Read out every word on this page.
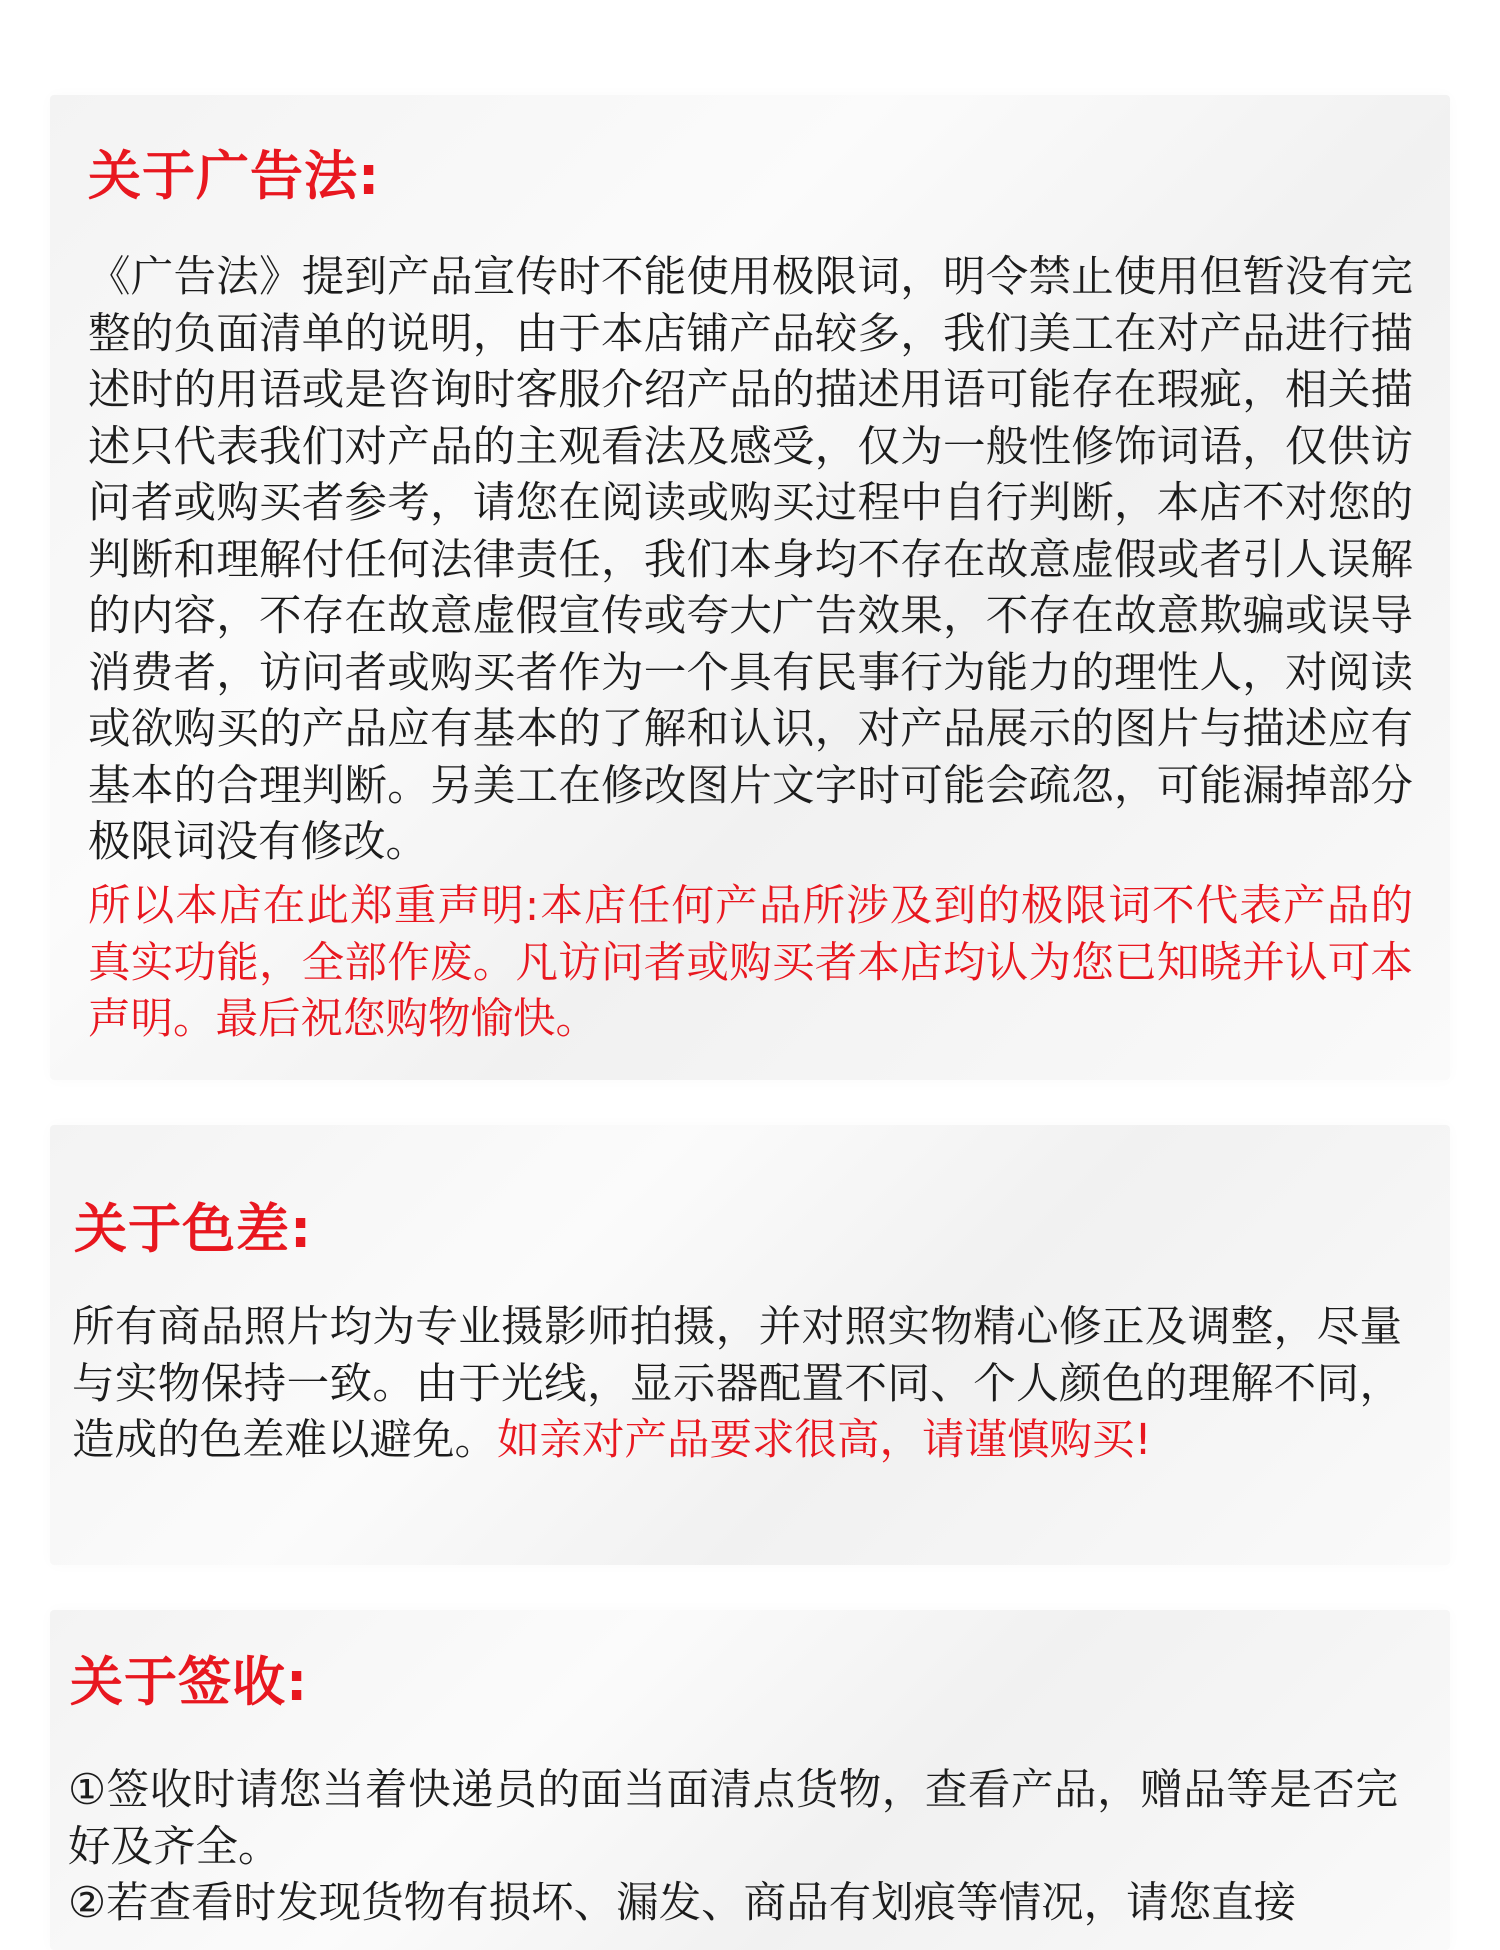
关于广告法:

《广告法》提到产品宣传时不能使用极限词，明令禁止使用但暂没有完整的负面清单的说明，由于本店铺产品较多，我们美工在对产品进行描述时的用语或是咨询时客服介绍产品的描述用语可能存在瑕疵，相关描述只代表我们对产品的主观看法及感受，仅为一般性修饰词语，仅供访问者或购买者参考，请您在阅读或购买过程中自行判断，本店不对您的判断和理解付任何法律责任，我们本身均不存在故意虚假或者引人误解的内容，不存在故意虚假宣传或夸大广告效果，不存在故意欺骗或误导消费者，访问者或购买者作为一个具有民事行为能力的理性人，对阅读或欲购买的产品应有基本的了解和认识，对产品展示的图片与描述应有基本的合理判断。另美工在修改图片文字时可能会疏忽，可能漏掉部分极限词没有修改。

所以本店在此郑重声明:本店任何产品所涉及到的极限词不代表产品的真实功能，全部作废。凡访问者或购买者本店均认为您已知晓并认可本声明。最后祝您购物愉快。

关于色差:

所有商品照片均为专业摄影师拍摄，并对照实物精心修正及调整，尽量与实物保持一致。由于光线，显示器配置不同、个人颜色的理解不同，造成的色差难以避免。如亲对产品要求很高，请谨慎购买!

关于签收:
①签收时请您当着快递员的面当面清点货物，查看产品，赠品等是否完好及齐全。
②若查看时发现货物有损坏、漏发、商品有划痕等情况，请您直接
